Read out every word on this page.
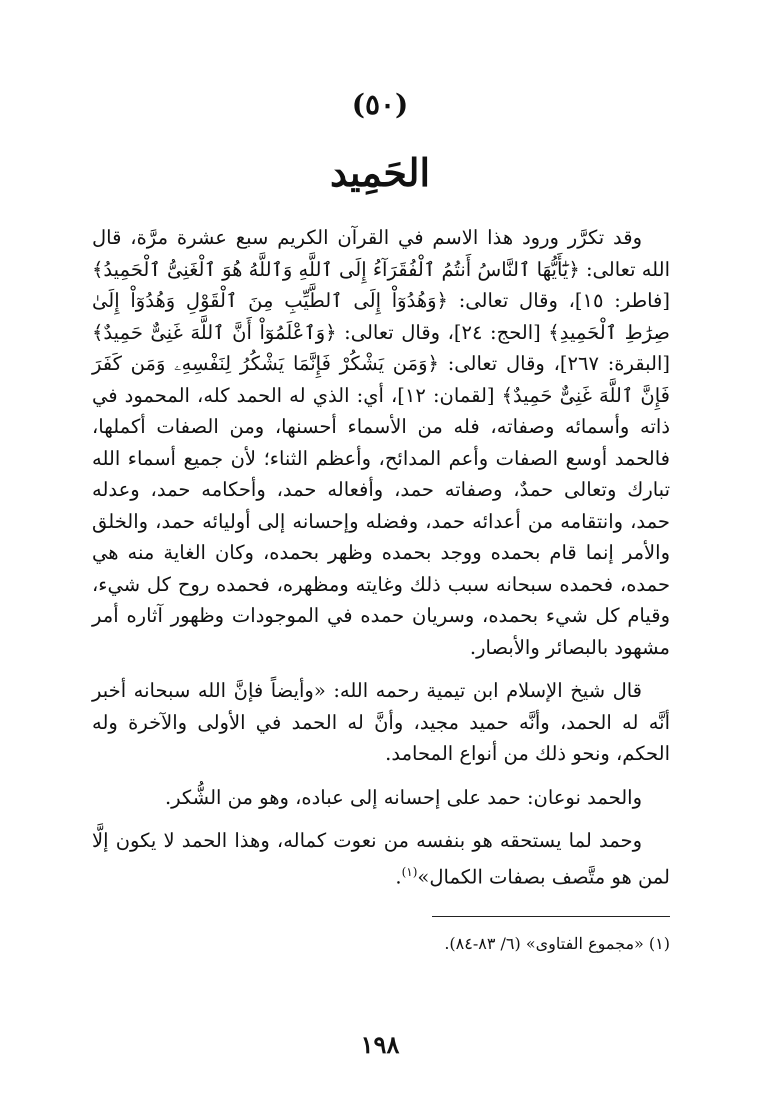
(٥٠)
الحَمِيد

وقد تكرَّر ورود هذا الاسم في القرآن الكريم سبع عشرة مرَّة، قال الله تعالى: ﴿يَٰٓأَيُّهَا ٱلنَّاسُ أَنتُمُ ٱلْفُقَرَآءُ إِلَى ٱللَّهِ وَٱللَّهُ هُوَ ٱلْغَنِىُّ ٱلْحَمِيدُ﴾ [فاطر: ١٥]، وقال تعالى: ﴿وَهُدُوٓاْ إِلَى ٱلطَّيِّبِ مِنَ ٱلْقَوْلِ وَهُدُوٓاْ إِلَىٰ صِرَٰطِ ٱلْحَمِيدِ﴾ [الحج: ٢٤]، وقال تعالى: ﴿وَٱعْلَمُوٓاْ أَنَّ ٱللَّهَ غَنِىٌّ حَمِيدٌ﴾ [البقرة: ٢٦٧]، وقال تعالى: ﴿وَمَن يَشْكُرْ فَإِنَّمَا يَشْكُرُ لِنَفْسِهِۦ وَمَن كَفَرَ فَإِنَّ ٱللَّهَ غَنِىٌّ حَمِيدٌ﴾ [لقمان: ١٢]، أي: الذي له الحمد كله، المحمود في ذاته وأسمائه وصفاته، فله من الأسماء أحسنها، ومن الصفات أكملها، فالحمد أوسع الصفات وأعم المدائح، وأعظم الثناء؛ لأن جميع أسماء الله تبارك وتعالى حمدٌ، وصفاته حمد، وأفعاله حمد، وأحكامه حمد، وعدله حمد، وانتقامه من أعدائه حمد، وفضله وإحسانه إلى أوليائه حمد، والخلق والأمر إنما قام بحمده ووجد بحمده وظهر بحمده، وكان الغاية منه هي حمده، فحمده سبحانه سبب ذلك وغايته ومظهره، فحمده روح كل شيء، وقيام كل شيء بحمده، وسريان حمده في الموجودات وظهور آثاره أمر مشهود بالبصائر والأبصار.

قال شيخ الإسلام ابن تيمية رحمه الله: «وأيضاً فإنَّ الله سبحانه أخبر أنَّه له الحمد، وأنَّه حميد مجيد، وأنَّ له الحمد في الأولى والآخرة وله الحكم، ونحو ذلك من أنواع المحامد.

والحمد نوعان: حمد على إحسانه إلى عباده، وهو من الشُّكر.

وحمد لما يستحقه هو بنفسه من نعوت كماله، وهذا الحمد لا يكون إلَّا لمن هو متَّصف بصفات الكمال»$^{(١)}$.

(١) «مجموع الفتاوى» (٦/ ٨٣-٨٤).
١٩٨
